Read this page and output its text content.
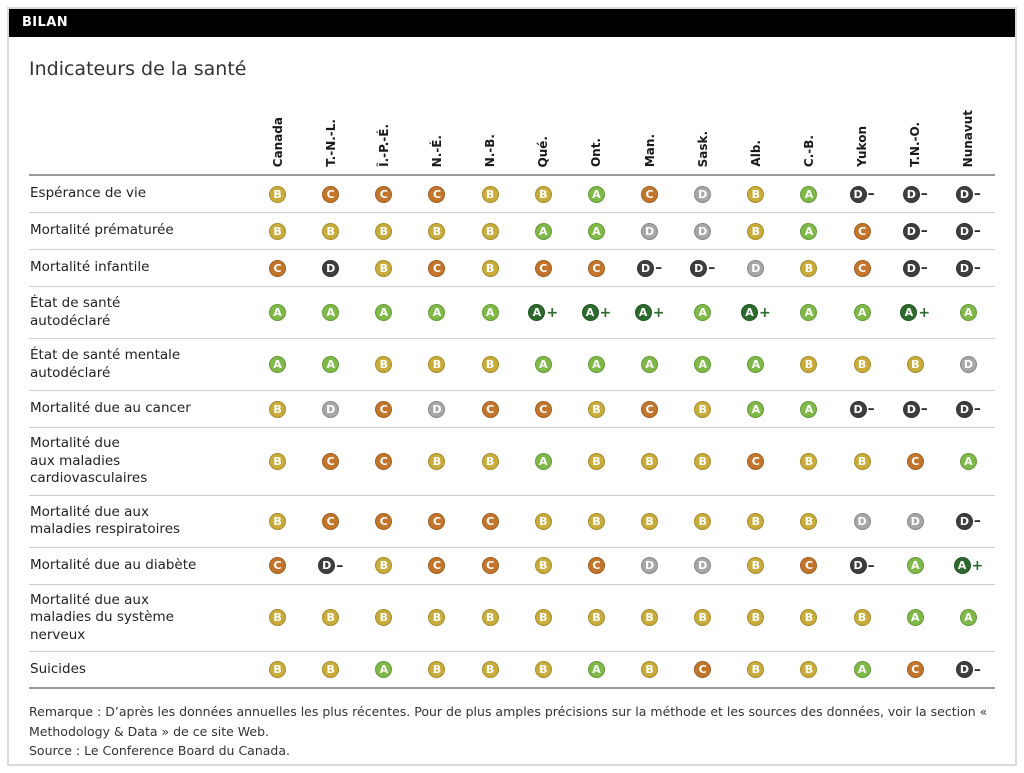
BILAN
Indicateurs de la santé
Canada	T.-N.-L.	Î.-P.-É.	N.-É.	N.-B.	Qué.	Ont.	Man.	Sask.	Alb.	C.-B.	Yukon	T.N.-O.	Nunavut
Espérance de vie	B	C	C	C	B	B	A	C	D	B	A	D –	D –	D –
Mortalité prématurée	B	B	B	B	B	A	A	D	D	B	A	C	D –	D –
Mortalité infantile	C	D	B	C	B	C	C	D –	D –	D	B	C	D –	D –
État de santé
autodéclaré	A	A	A	A	A	A +	A +	A +	A	A +	A	A	A +	A
État de santé mentale
autodéclaré	A	A	B	B	B	A	A	A	A	A	B	B	B	D
Mortalité due au cancer	B	D	C	D	C	C	B	C	B	A	A	D –	D –	D –
Mortalité due
aux maladies
cardiovasculaires
B	C	C	B	B	A	B	B	B	C	B	B	C	A
Mortalité due aux
maladies respiratoires	B	C	C	C	C	B	B	B	B	B	B	D	D	D –
Mortalité due au diabète	C	D –	B	C	C	B	C	D	D	B	C	D –	A	A +
Mortalité due aux
maladies du système
nerveux
B	B	B	B	B	B	B	B	B	B	B	B	A	A
Suicides	B	B	A	B	B	B	A	B	C	B	B	A	C	D –
Remarque : D’après les données annuelles les plus récentes. Pour de plus amples précisions sur la méthode et les sources des données, voir la section « Methodology & Data » de ce site Web.
Source : Le Conference Board du Canada.
